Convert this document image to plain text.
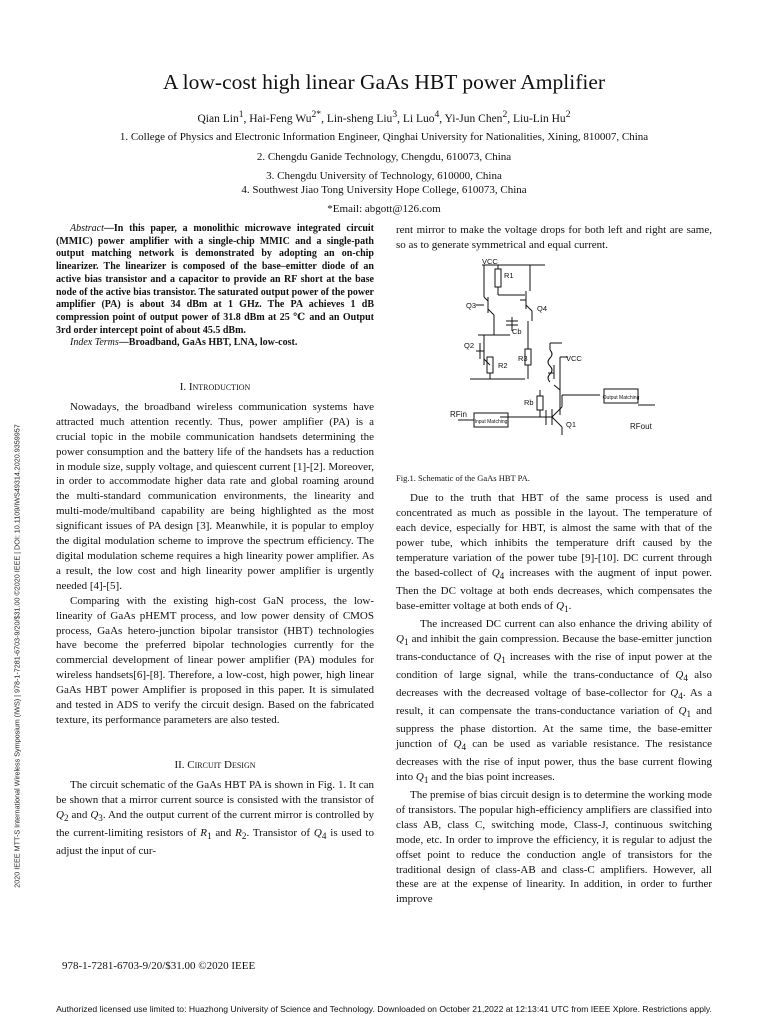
2020 IEEE MTT-S International Wireless Symposium (IWS) | 978-1-7281-6703-9/20/$31.00 ©2020 IEEE | DOI: 10.1109/IWS49314.2020.9359957
A low-cost high linear GaAs HBT power Amplifier
Qian Lin$^1$, Hai-Feng $Wu^{2*}$, Lin-sheng Liu$^3$, Li Luo$^4$, Yi-Jun Chen$^2$, Liu-Lin Hu$^2$
1. College of Physics and Electronic Information Engineer, Qinghai University for Nationalities, Xining, 810007, China
2. Chengdu Ganide Technology, Chengdu, 610073, China
3. Chengdu University of Technology, 610000, China
4. Southwest Jiao Tong University Hope College, 610073, China
*Email: abgott@126.com

Abstract—In this paper, a monolithic microwave integrated circuit (MMIC) power amplifier with a single-chip MMIC and a single-path output matching network is demonstrated by adopting an on-chip linearizer. The linearizer is composed of the base–emitter diode of an active bias transistor and a capacitor to provide an RF short at the base node of the active bias transistor. The saturated output power of the power amplifier (PA) is about 34 dBm at 1 GHz. The PA achieves 1 dB compression point of output power of 31.8 dBm at 25 ℃ and an Output 3rd order intercept point of about 45.5 dBm.

Index Terms—Broadband, GaAs HBT, LNA, low-cost.

I. Introduction

Nowadays, the broadband wireless communication systems have attracted much attention recently. Thus, power amplifier (PA) is a crucial topic in the mobile communication handsets determining the power consumption and the battery life of the handsets has a reduction in module size, supply voltage, and quiescent current [1]-[2]. Moreover, in order to accommodate higher data rate and global roaming around the multi-standard communication environments, the linearity and multi-mode/multiband capability are being highlighted as the most significant issues of PA design [3]. Meanwhile, it is popular to employ the digital modulation scheme to improve the spectrum efficiency. The digital modulation scheme requires a high linearity power amplifier. As a result, the low cost and high linearity power amplifier is urgently needed [4]-[5].

Comparing with the existing high-cost GaN process, the low-linearity of GaAs pHEMT process, and low power density of CMOS process, GaAs hetero-junction bipolar transistor (HBT) technologies have become the preferred bipolar technologies currently for the commercial development of linear power amplifier (PA) modules for wireless handsets[6]-[8]. Therefore, a low-cost, high power, high linear GaAs HBT power Amplifier is proposed in this paper. It is simulated and tested in ADS to verify the circuit design. Based on the fabricated texture, its performance parameters are also tested.

II. Circuit Design

The circuit schematic of the GaAs HBT PA is shown in Fig. 1. It can be shown that a mirror current source is consisted with the transistor of $Q_2$ and $Q_3$. And the output current of the current mirror is controlled by the current-limiting resistors of $R_1$ and $R_2$. Transistor of $Q_4$ is used to adjust the input of cur-

VCC
R1
Q3	Q4
Cb
Q2
R2
R3	VCC
Rb
RFin
Input Matching
Output Matching
Q1	RFout
Fig.1. Schematic of the GaAs HBT PA.

Due to the truth that HBT of the same process is used and concentrated as much as possible in the layout. The temperature of each device, especially for HBT, is almost the same with that of the power tube, which inhibits the temperature drift caused by the temperature variation of the power tube [9]-[10]. DC current through the based-collect of $Q_4$ increases with the augment of input power. Then the DC voltage at both ends decreases, which compensates the base-emitter voltage at both ends of $Q_1$.

The increased DC current can also enhance the driving ability of $Q_1$ and inhibit the gain compression. Because the base-emitter junction trans-conductance of $Q_1$ increases with the rise of input power at the condition of large signal, while the trans-conductance of $Q_4$ also decreases with the decreased voltage of base-collector for $Q_4$. As a result, it can compensate the trans-conductance variation of $Q_1$ and suppress the phase distortion. At the same time, the base-emitter junction of $Q_4$ can be used as variable resistance. The resistance decreases with the rise of input power, thus the base current flowing into $Q_1$ and the bias point increases.

The premise of bias circuit design is to determine the working mode of transistors. The popular high-efficiency amplifiers are classified into class AB, class C, switching mode, Class-J, continuous switching mode, etc. In order to improve the efficiency, it is regular to adjust the offset point to reduce the conduction angle of transistors for the traditional design of class-AB and class-C amplifiers. However, all these are at the expense of linearity. In addition, in order to further improve

978-1-7281-6703-9/20/$31.00 ©2020 IEEE
Authorized licensed use limited to: Huazhong University of Science and Technology. Downloaded on October 21,2022 at 12:13:41 UTC from IEEE Xplore. Restrictions apply.
rent mirror to make the voltage drops for both left and right are same, so as to generate symmetrical and equal current.
